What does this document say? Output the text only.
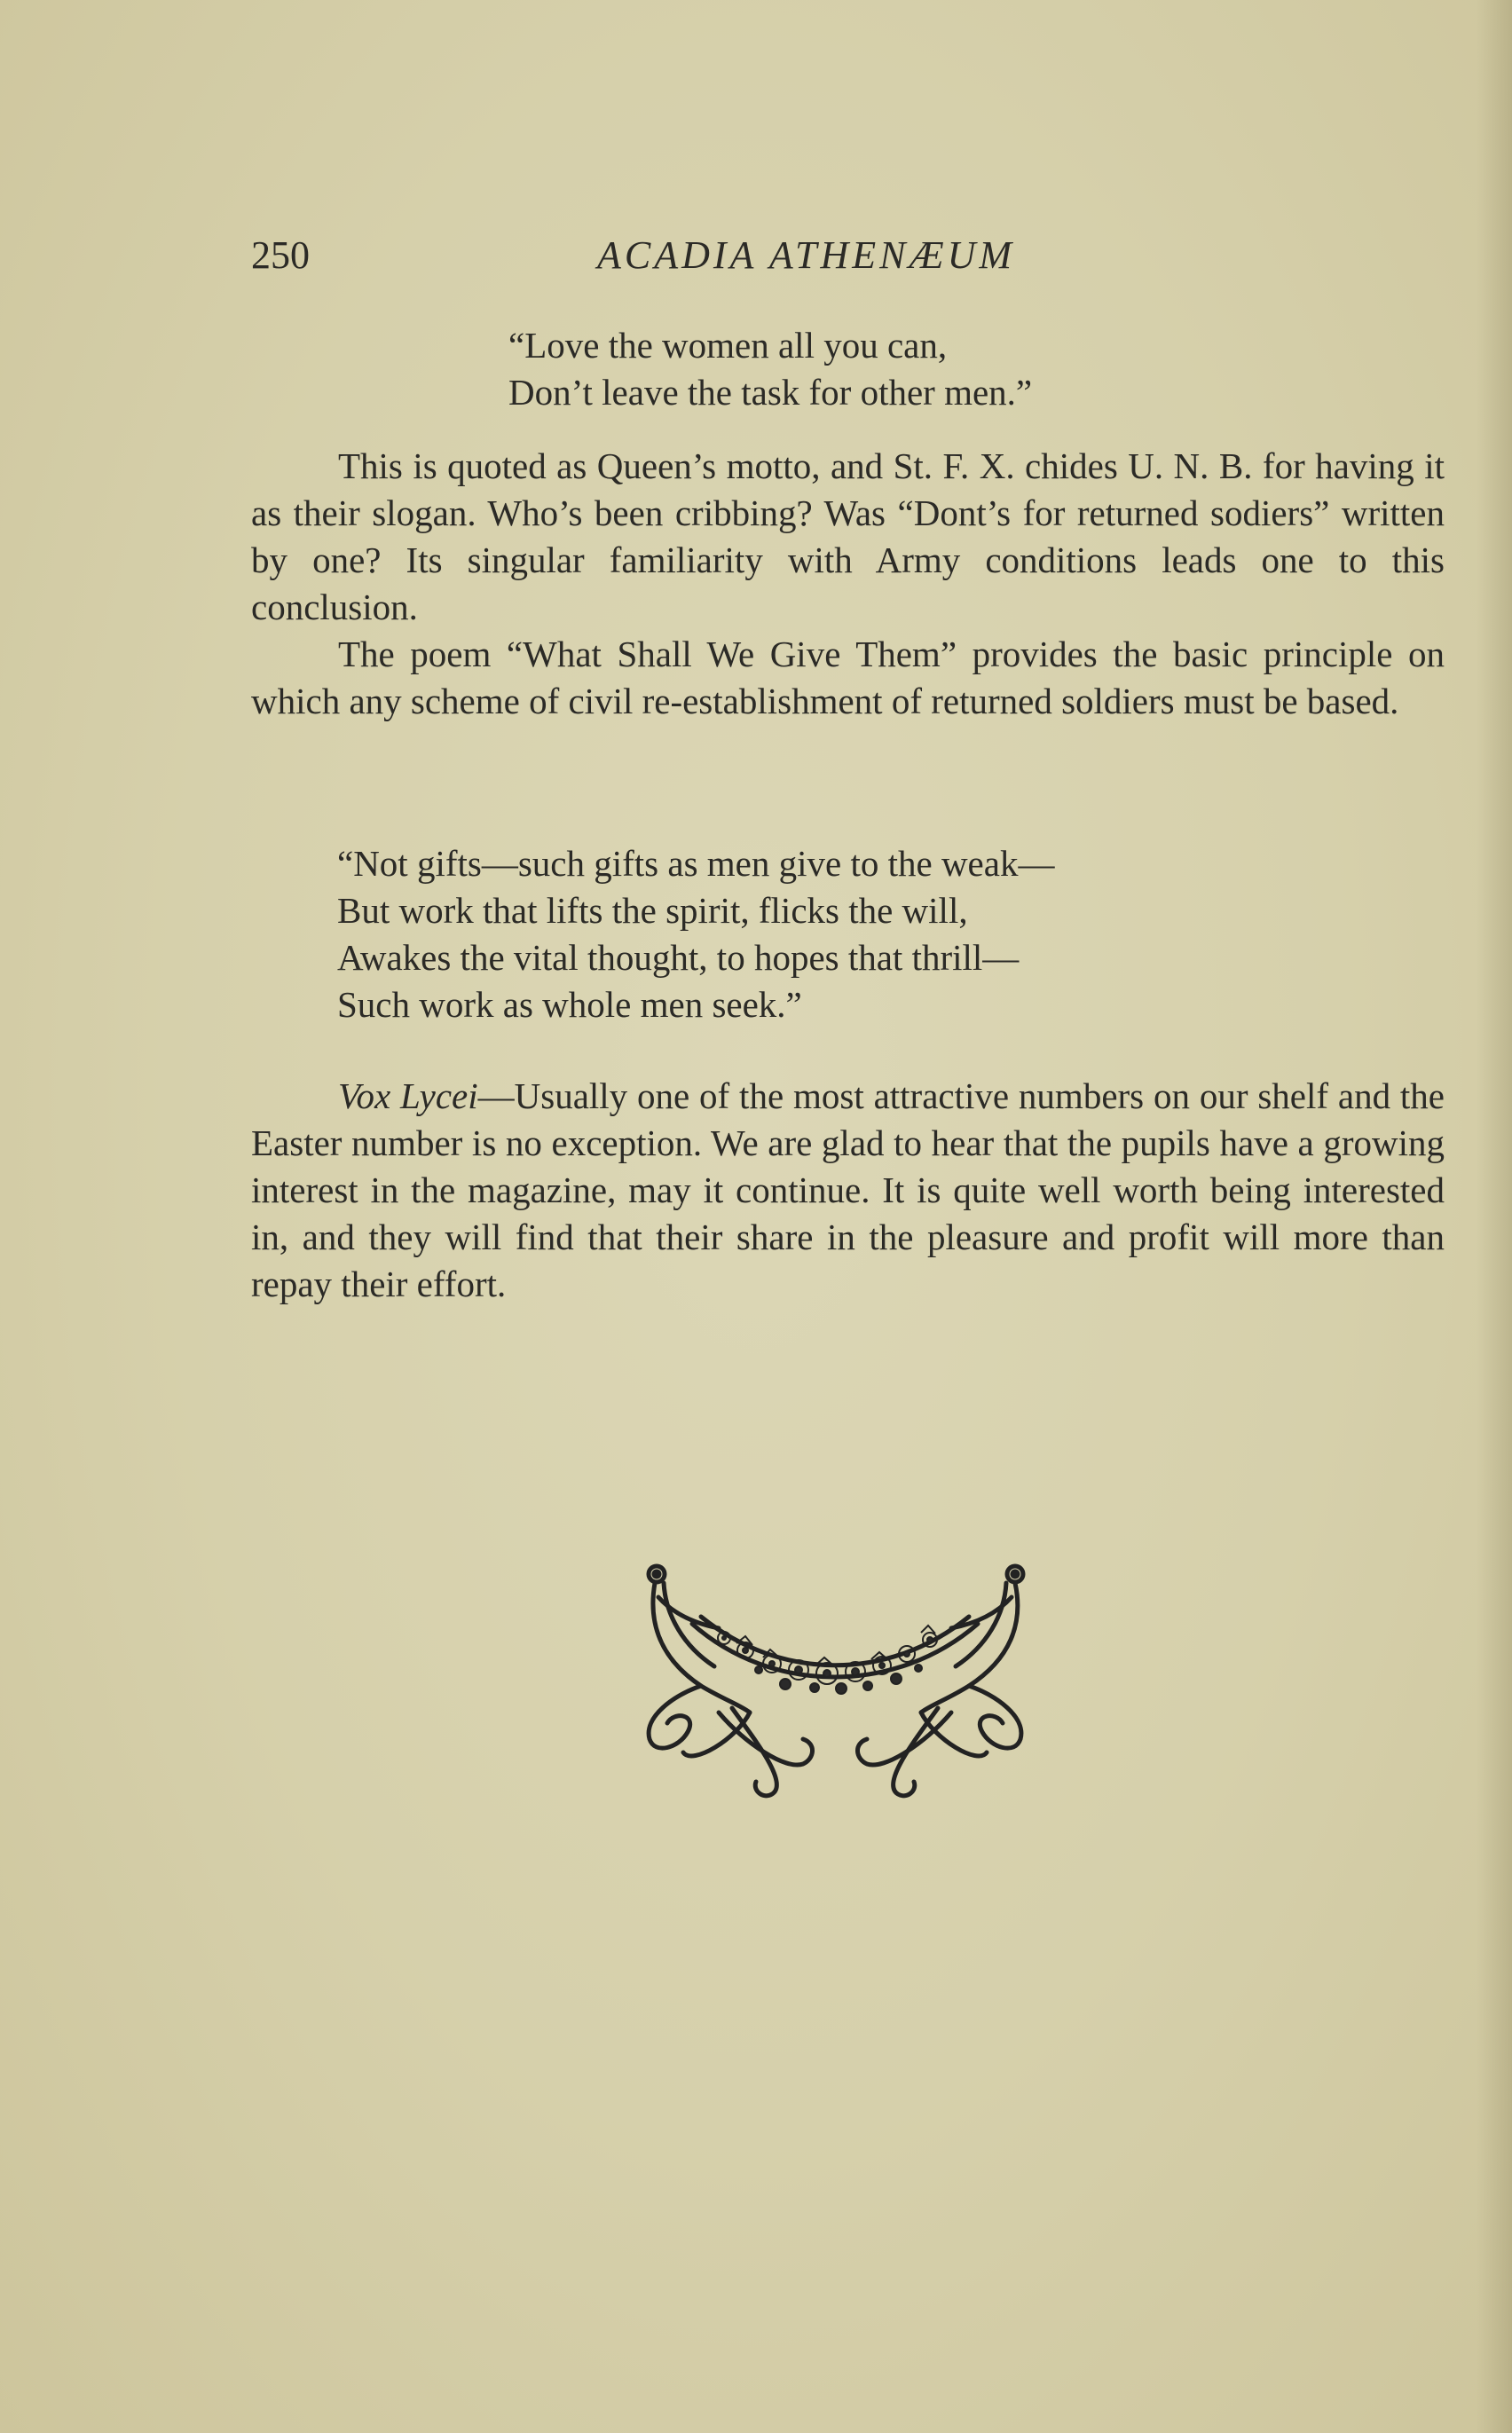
250	ACADIA ATHENÆUM
“Love the women all you can,
Don’t leave the task for other men.”

This is quoted as Queen’s motto, and St. F. X. chides U. N. B. for having it as their slogan. Who’s been cribbing? Was “Dont’s for returned sodiers” written by one? Its singular familiarity with Army conditions leads one to this conclusion.

The poem “What Shall We Give Them” provides the basic principle on which any scheme of civil re-establishment of returned soldiers must be based.

“Not gifts—such gifts as men give to the weak—
But work that lifts the spirit, flicks the will,
Awakes the vital thought, to hopes that thrill—
Such work as whole men seek.”

Vox Lycei—Usually one of the most attractive numbers on our shelf and the Easter number is no exception. We are glad to hear that the pupils have a growing interest in the magazine, may it continue. It is quite well worth being interested in, and they will find that their share in the pleasure and profit will more than repay their effort.
